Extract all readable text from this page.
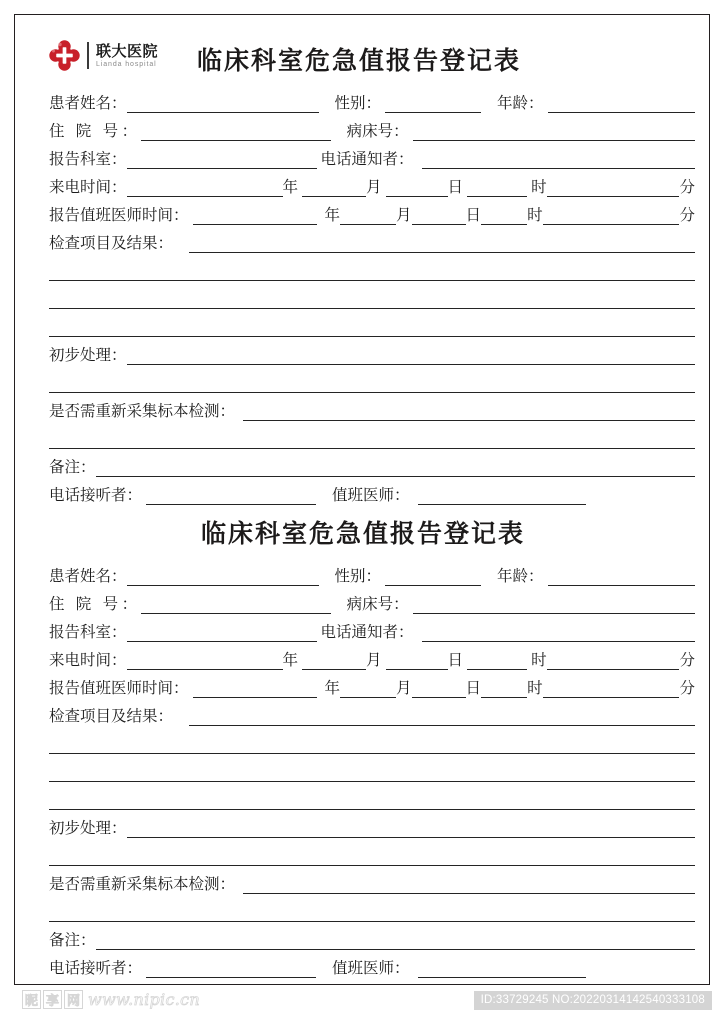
联大医院
Lianda hospital 临床科室危急值报告登记表
患者姓名：	性别：	年龄：
住 院 号：	病床号：
报告科室：	电话通知者：
来电时间：	年	月	日	时	分
报告值班医师时间：	年	月	日	时	分
检查项目及结果：
初步处理：
是否需重新采集标本检测：
备注：
电话接听者：	值班医师：
临床科室危急值报告登记表
患者姓名：	性别：	年龄：
住 院 号：	病床号：
报告科室：	电话通知者：
来电时间：	年	月	日	时	分
报告值班医师时间：	年	月	日	时	分
检查项目及结果：
初步处理：
是否需重新采集标本检测：
备注：
电话接听者：	值班医师：
昵 享 网 www.nipic.cn	ID:33729245 NO:20220314142540333108
